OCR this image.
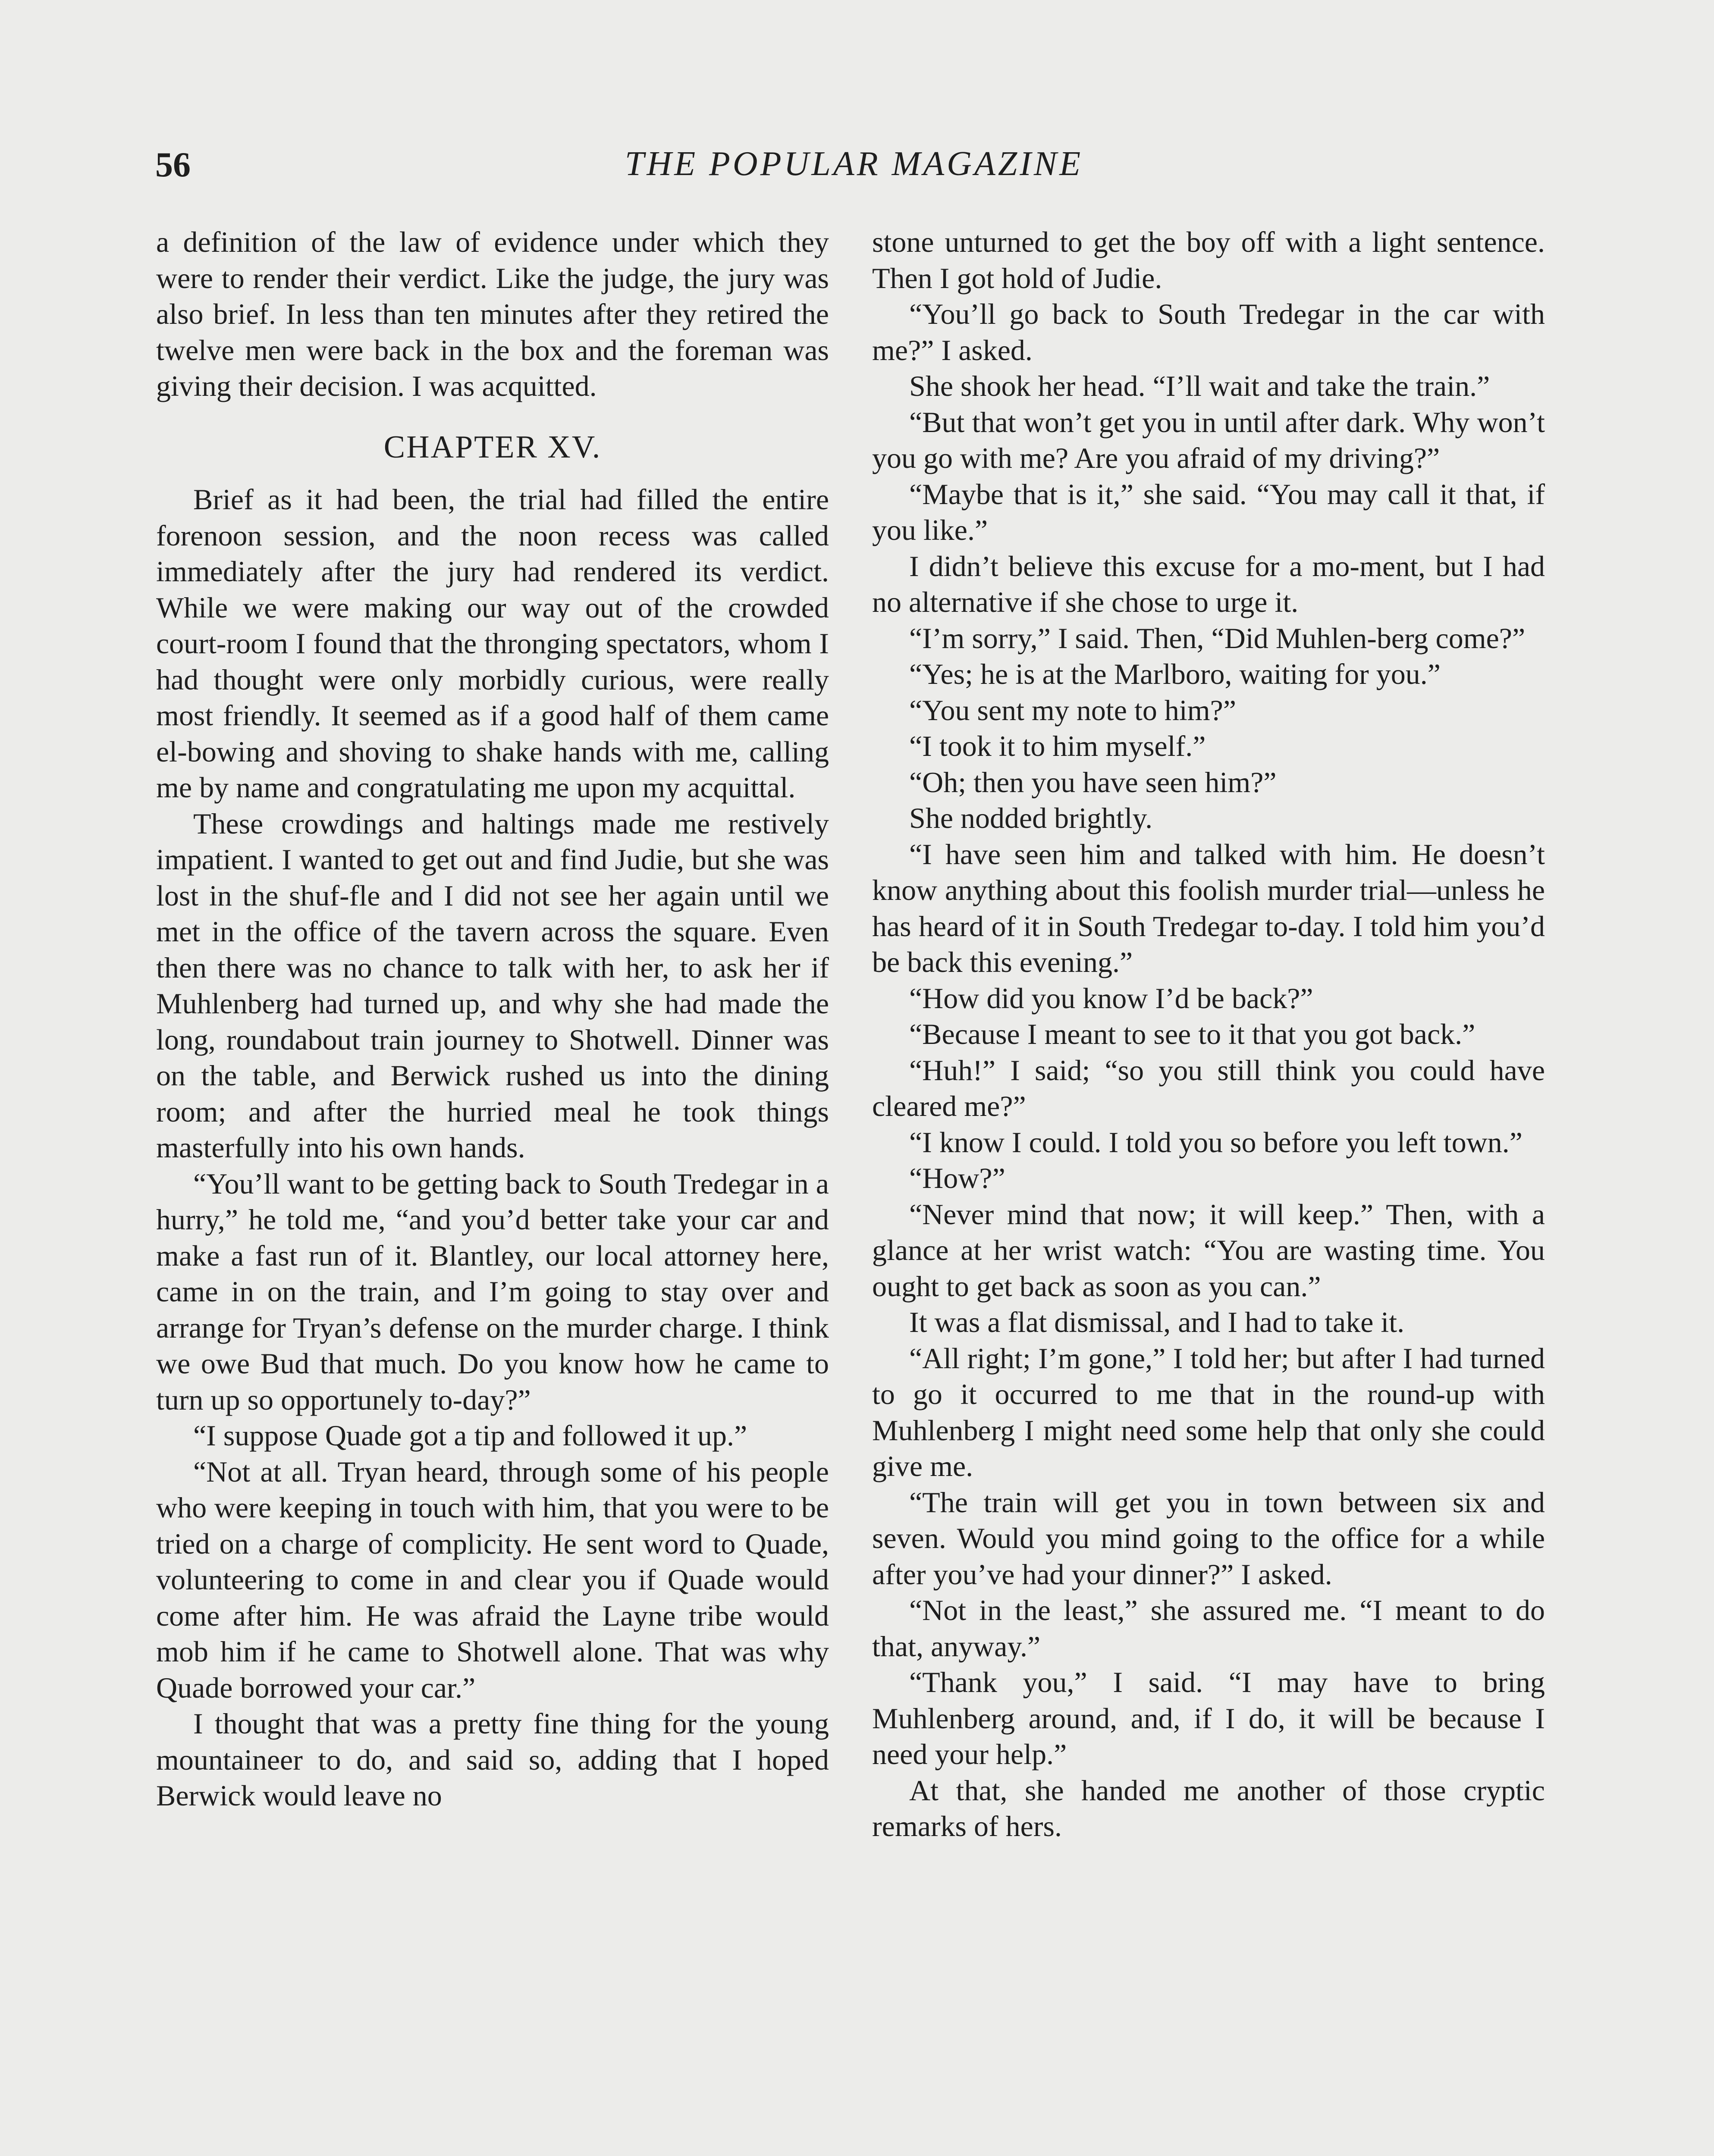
56	THE POPULAR MAGAZINE

a definition of the law of evidence under which they were to render their verdict. Like the judge, the jury was also brief. In less than ten minutes after they retired the twelve men were back in the box and the foreman was giving their decision. I was acquitted.

CHAPTER XV.

Brief as it had been, the trial had filled the entire forenoon session, and the noon recess was called immediately after the jury had rendered its verdict. While we were making our way out of the crowded court-room I found that the thronging spectators, whom I had thought were only morbidly curious, were really most friendly. It seemed as if a good half of them came el-bowing and shoving to shake hands with me, calling me by name and congratulating me upon my acquittal.

These crowdings and haltings made me restively impatient. I wanted to get out and find Judie, but she was lost in the shuf-fle and I did not see her again until we met in the office of the tavern across the square. Even then there was no chance to talk with her, to ask her if Muhlenberg had turned up, and why she had made the long, roundabout train journey to Shotwell. Dinner was on the table, and Berwick rushed us into the dining room; and after the hurried meal he took things masterfully into his own hands.

“You’ll want to be getting back to South Tredegar in a hurry,” he told me, “and you’d better take your car and make a fast run of it. Blantley, our local attorney here, came in on the train, and I’m going to stay over and arrange for Tryan’s defense on the murder charge. I think we owe Bud that much. Do you know how he came to turn up so opportunely to-day?”

“I suppose Quade got a tip and followed it up.”

“Not at all. Tryan heard, through some of his people who were keeping in touch with him, that you were to be tried on a charge of complicity. He sent word to Quade, volunteering to come in and clear you if Quade would come after him. He was afraid the Layne tribe would mob him if he came to Shotwell alone. That was why Quade borrowed your car.”

I thought that was a pretty fine thing for the young mountaineer to do, and said so, adding that I hoped Berwick would leave no

stone unturned to get the boy off with a light sentence. Then I got hold of Judie.

“You’ll go back to South Tredegar in the car with me?” I asked.

She shook her head. “I’ll wait and take the train.”

“But that won’t get you in until after dark. Why won’t you go with me? Are you afraid of my driving?”

“Maybe that is it,” she said. “You may call it that, if you like.”

I didn’t believe this excuse for a mo-ment, but I had no alternative if she chose to urge it.

“I’m sorry,” I said. Then, “Did Muhlen-berg come?”

“Yes; he is at the Marlboro, waiting for you.”

“You sent my note to him?”

“I took it to him myself.”

“Oh; then you have seen him?”

She nodded brightly.

“I have seen him and talked with him. He doesn’t know anything about this foolish murder trial—unless he has heard of it in South Tredegar to-day. I told him you’d be back this evening.”

“How did you know I’d be back?”

“Because I meant to see to it that you got back.”

“Huh!” I said; “so you still think you could have cleared me?”

“I know I could. I told you so before you left town.”

“How?”

“Never mind that now; it will keep.” Then, with a glance at her wrist watch: “You are wasting time. You ought to get back as soon as you can.”

It was a flat dismissal, and I had to take it.

“All right; I’m gone,” I told her; but after I had turned to go it occurred to me that in the round-up with Muhlenberg I might need some help that only she could give me.

“The train will get you in town between six and seven. Would you mind going to the office for a while after you’ve had your dinner?” I asked.

“Not in the least,” she assured me. “I meant to do that, anyway.”

“Thank you,” I said. “I may have to bring Muhlenberg around, and, if I do, it will be because I need your help.”

At that, she handed me another of those cryptic remarks of hers.
